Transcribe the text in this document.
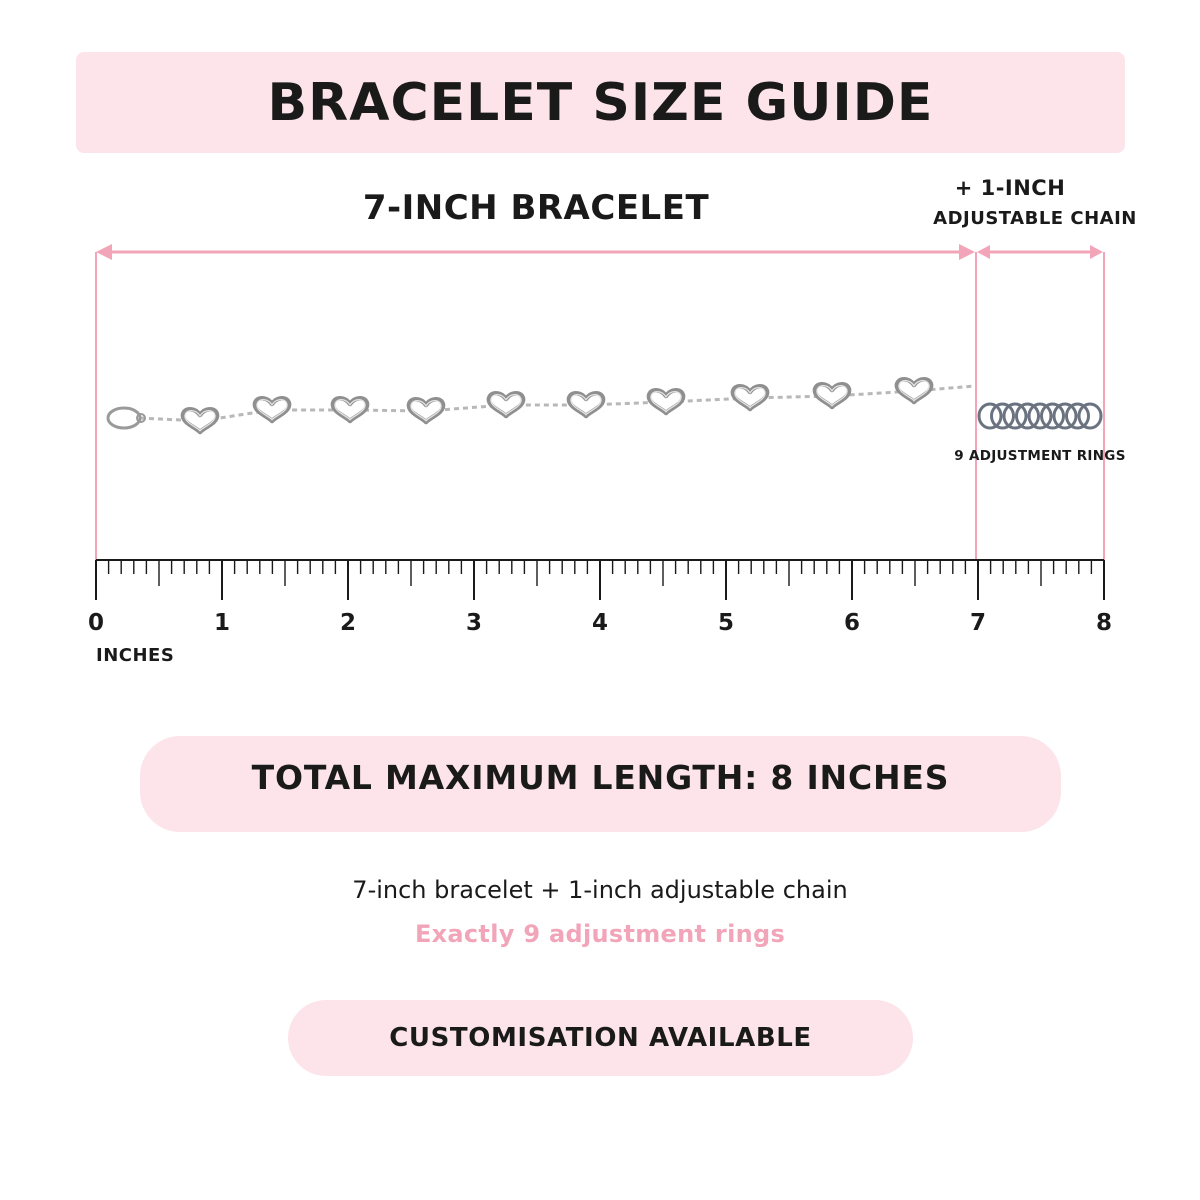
BRACELET SIZE GUIDE
7-INCH BRACELET	+ 1-INCH
ADJUSTABLE CHAIN
0	1	2	3	4	5	6	7	8
9 ADJUSTMENT RINGS
INCHES
TOTAL MAXIMUM LENGTH: 8 INCHES
7-inch bracelet + 1-inch adjustable chain
Exactly 9 adjustment rings
CUSTOMISATION AVAILABLE
